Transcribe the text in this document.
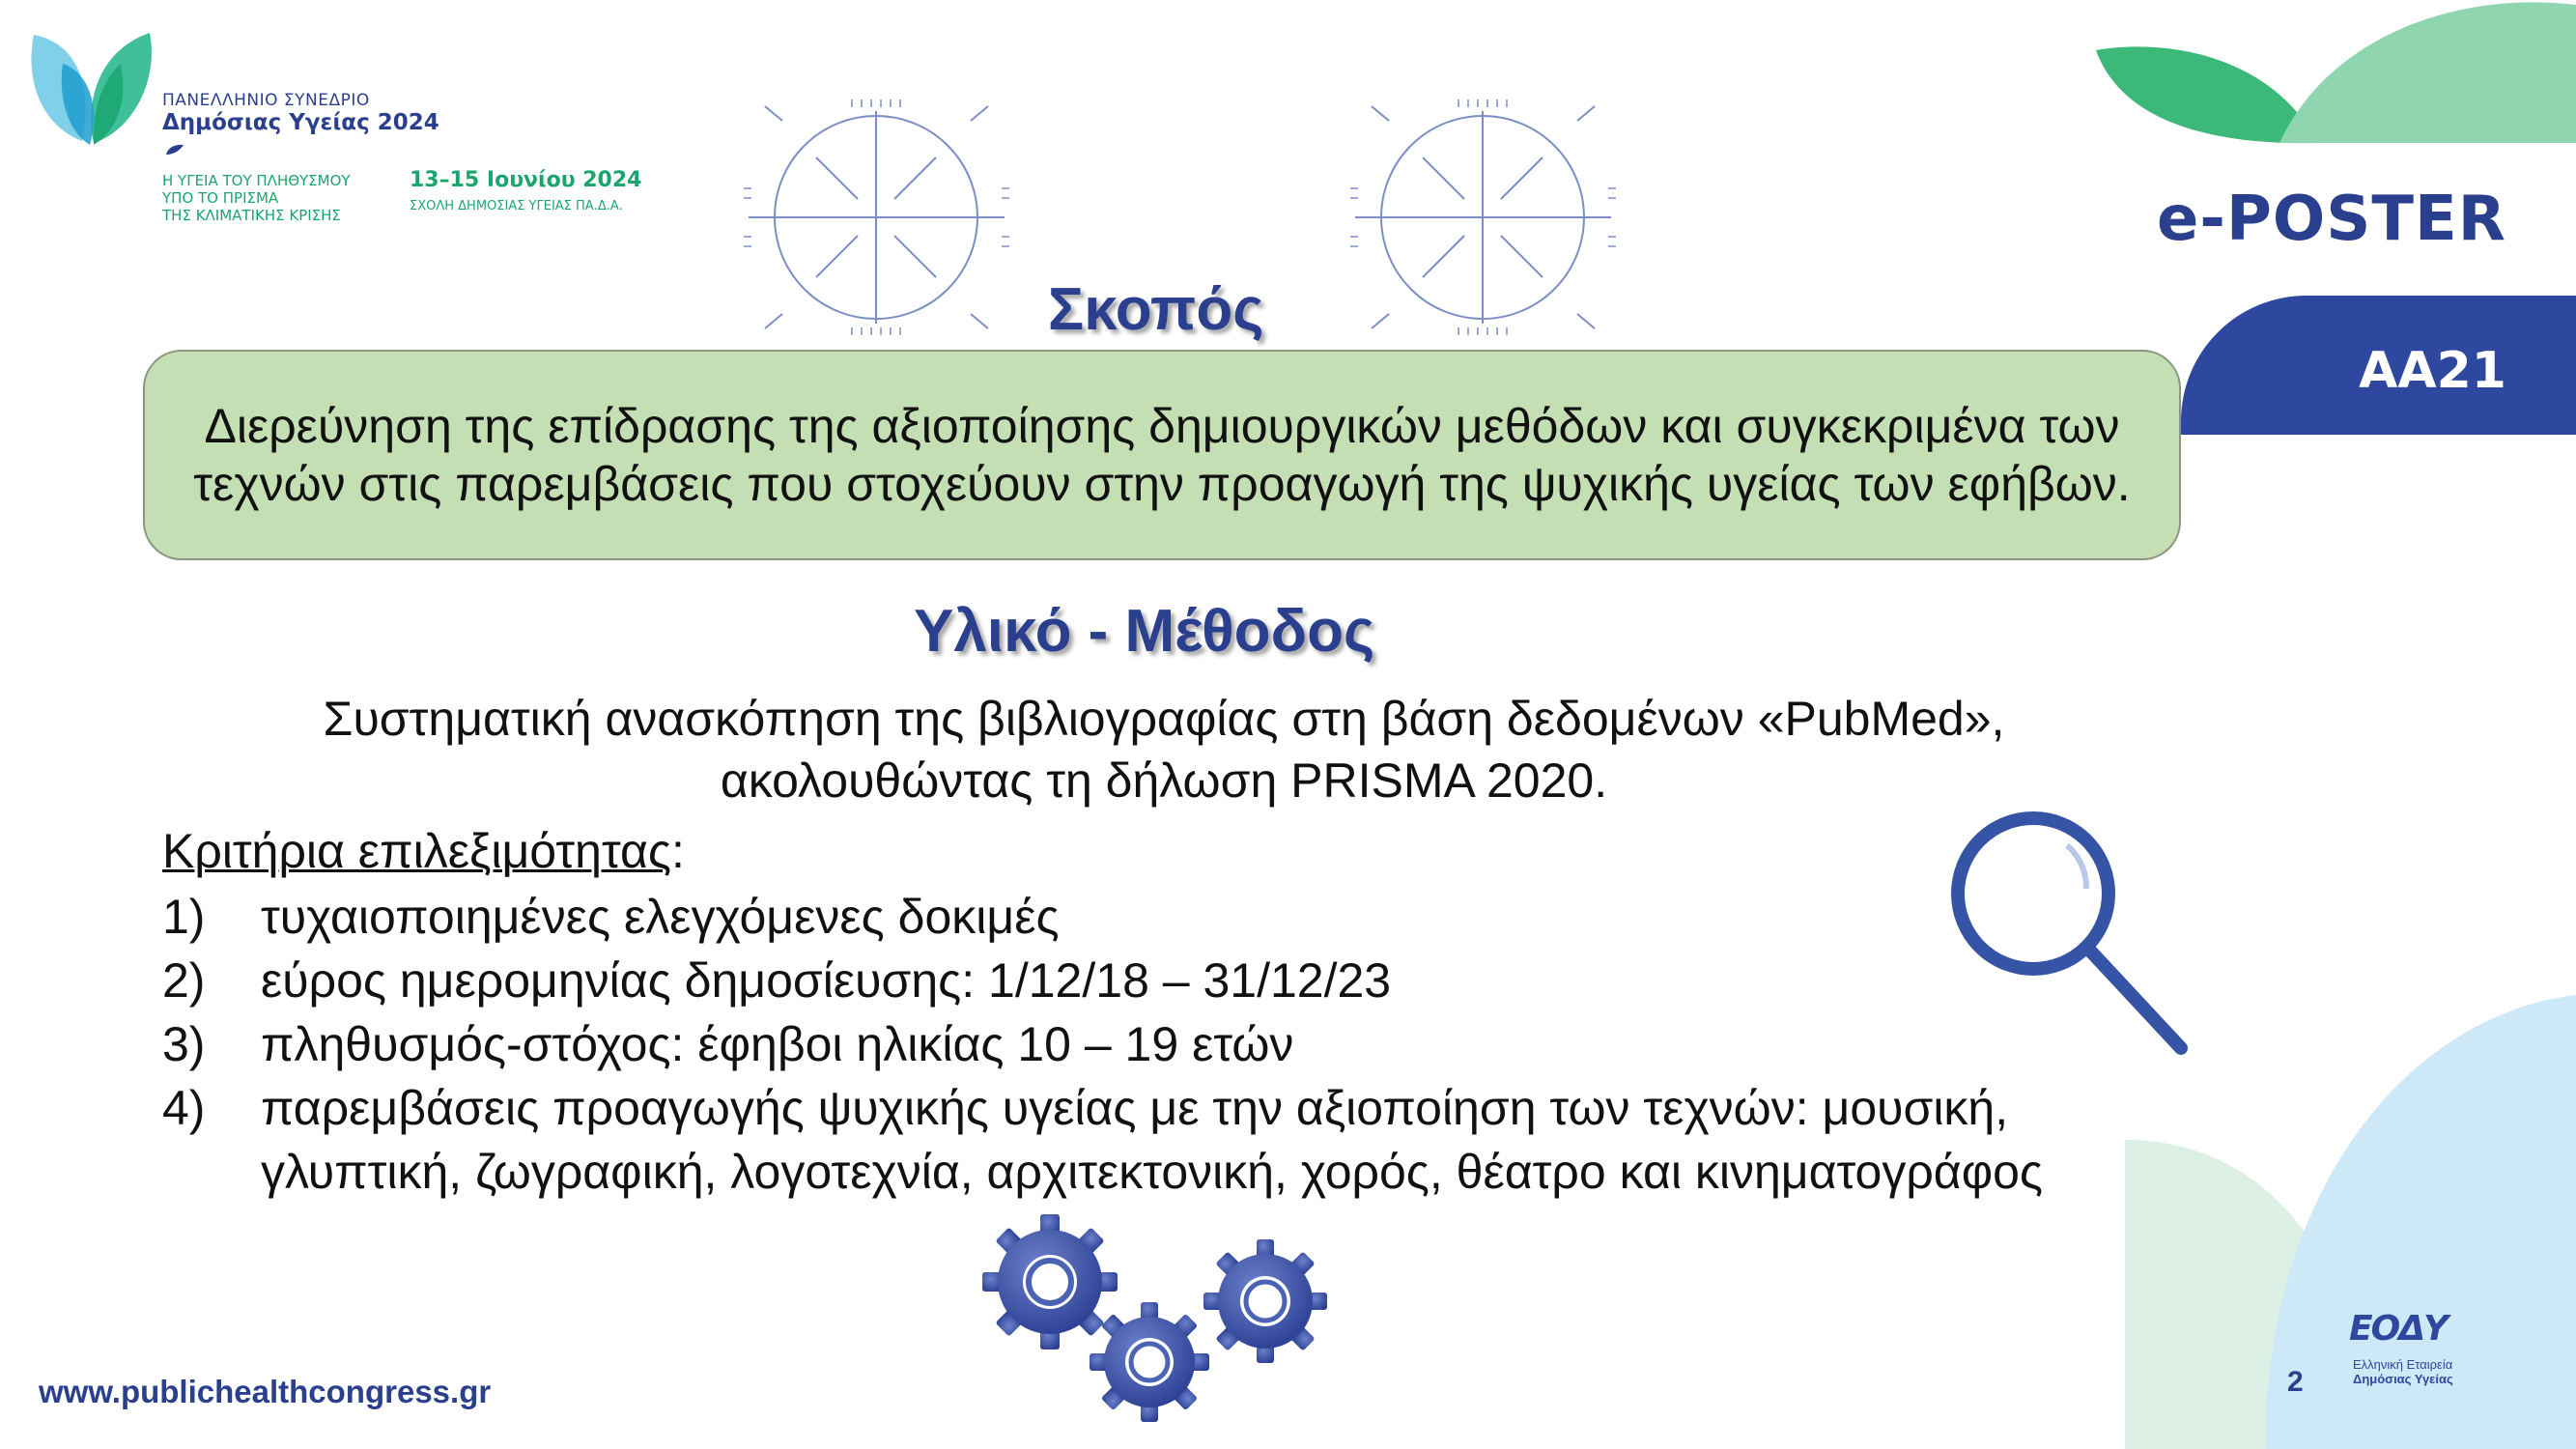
ΠΑΝΕΛΛΗΝΙΟ ΣΥΝΕΔΡΙΟ
Δημόσιας Υγείας 2024
Η ΥΓΕΙΑ ΤΟΥ ΠΛΗΘΥΣΜΟΥ
ΥΠΟ ΤΟ ΠΡΙΣΜΑ
ΤΗΣ ΚΛΙΜΑΤΙΚΗΣ ΚΡΙΣΗΣ
13–15 Ιουνίου 2024
ΣΧΟΛΗ ΔΗΜΟΣΙΑΣ ΥΓΕΙΑΣ ΠΑ.Δ.Α.	e-POSTER
ΑΑ21
Σκοπός
Διερεύνηση της επίδρασης της αξιοποίησης δημιουργικών μεθόδων και συγκεκριμένα των τεχνών στις παρεμβάσεις που στοχεύουν στην προαγωγή της ψυχικής υγείας των εφήβων.
Υλικό - Μέθοδος
Συστηματική ανασκόπηση της βιβλιογραφίας στη βάση δεδομένων «PubMed»,
ακολουθώντας τη δήλωση PRISMA 2020.
Κριτήρια επιλεξιμότητας:
1) τυχαιοποιημένες ελεγχόμενες δοκιμές
2) εύρος ημερομηνίας δημοσίευσης: 1/12/18 – 31/12/23
3) πληθυσμός-στόχος: έφηβοι ηλικίας 10 – 19 ετών
4) παρεμβάσεις προαγωγής ψυχικής υγείας με την αξιοποίηση των τεχνών: μουσική, γλυπτική, ζωγραφική, λογοτεχνία, αρχιτεκτονική, χορός, θέατρο και κινηματογράφος
www.publichealthcongress.gr	2
ΕΟΔΥ
Ελληνική Εταιρεία
Δημόσιας Υγείας
